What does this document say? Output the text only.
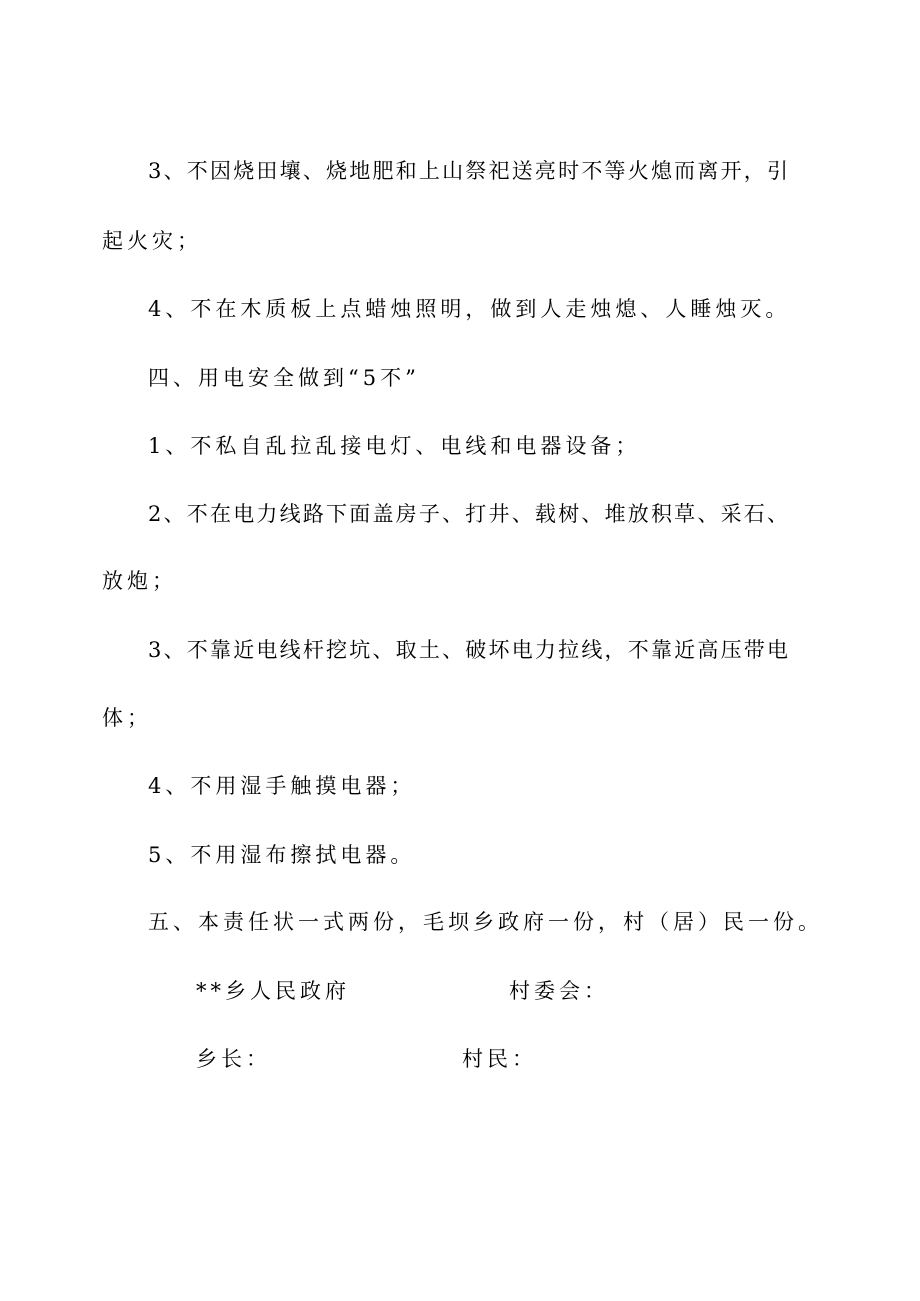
3、不因烧田壤、烧地肥和上山祭祀送亮时不等火熄而离开，引
起火灾；
4、不在木质板上点蜡烛照明，做到人走烛熄、人睡烛灭。
四、用电安全做到“5不”
1、不私自乱拉乱接电灯、电线和电器设备；
2、不在电力线路下面盖房子、打井、载树、堆放积草、采石、
放炮；
3、不靠近电线杆挖坑、取土、破坏电力拉线，不靠近高压带电
体；
4、不用湿手触摸电器；
5、不用湿布擦拭电器。
五、本责任状一式两份，毛坝乡政府一份，村（居）民一份。
**乡人民政府	村委会：
乡长：	村民：
